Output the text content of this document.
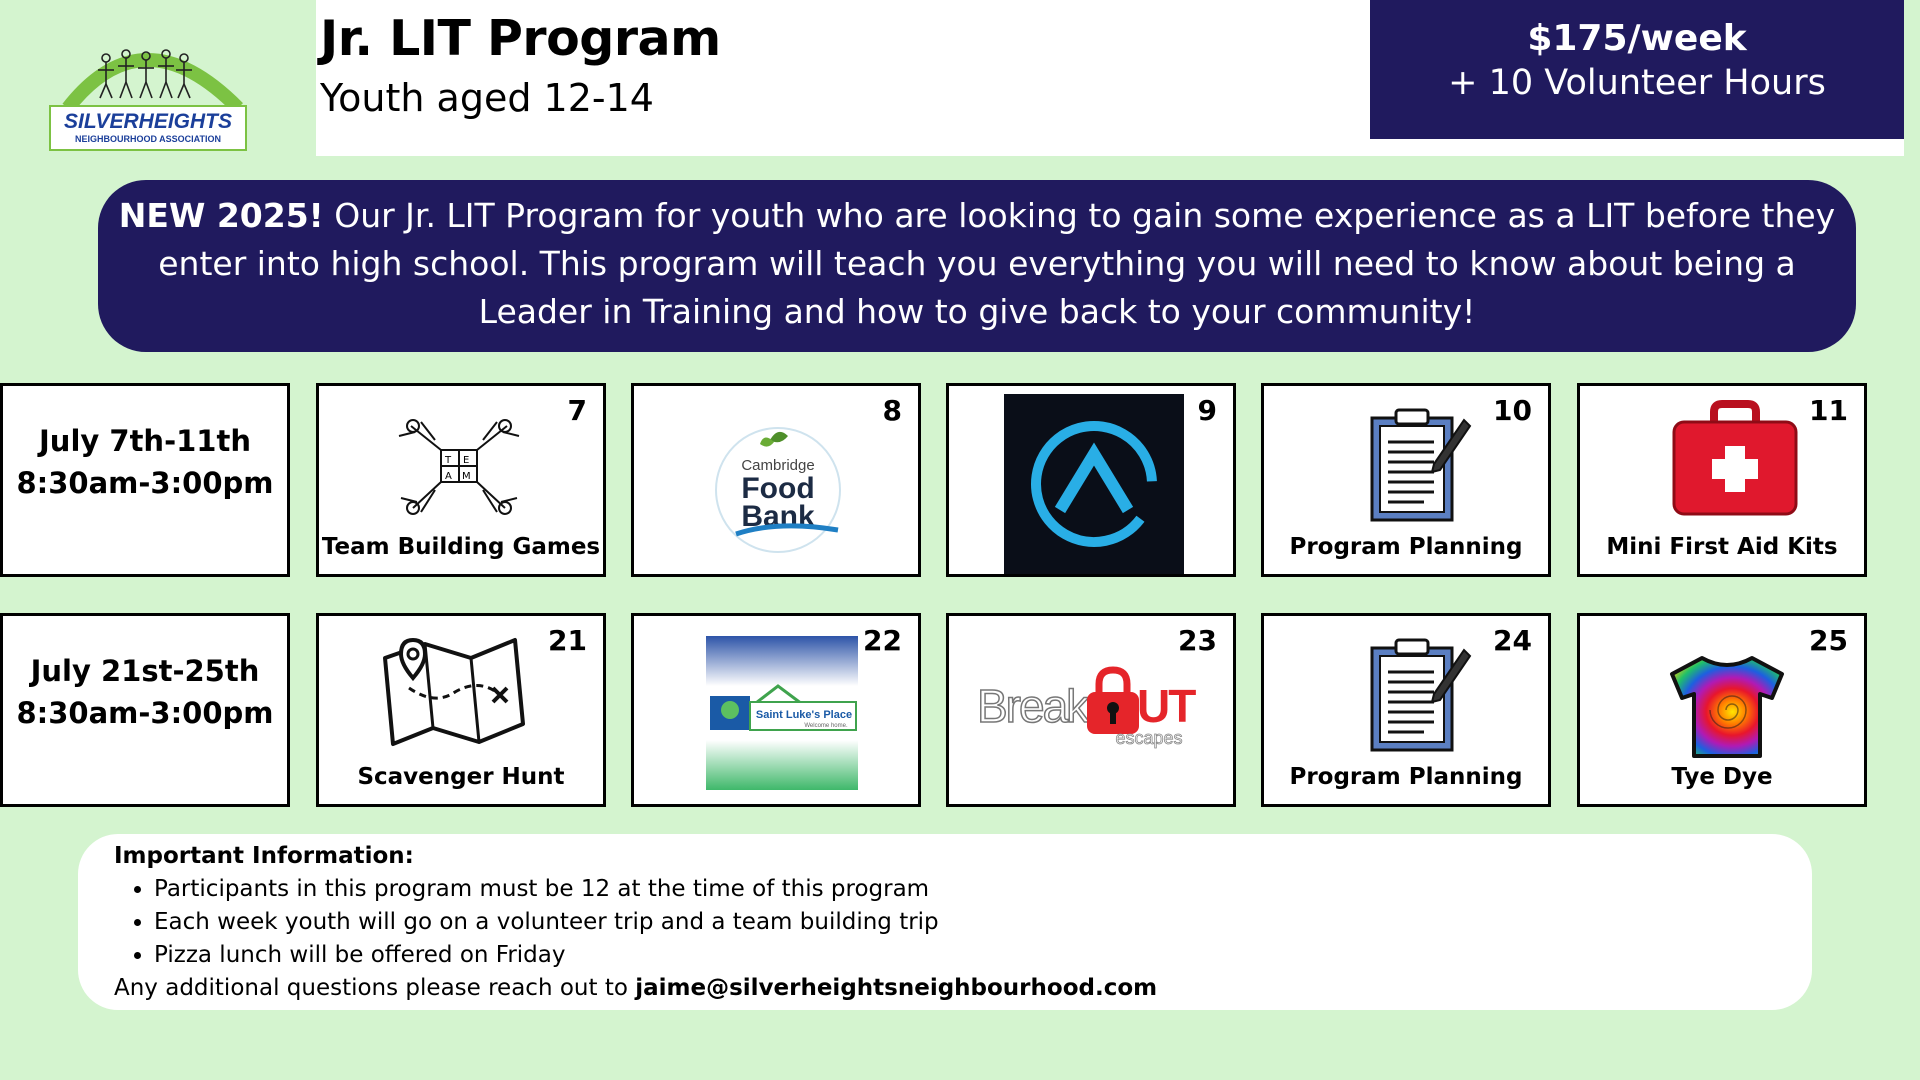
SILVERHEIGHTS
NEIGHBOURHOOD ASSOCIATION
Jr. LIT Program
Youth aged 12-14
$175/week
+ 10 Volunteer Hours
NEW 2025! Our Jr. LIT Program for youth who are looking to gain some experience as a LIT before they enter into high school. This program will teach you everything you will need to know about being a Leader in Training and how to give back to your community!
July 7th-11th
8:30am-3:00pm
7
T E
A M
Team Building Games
8
Cambridge
Food
Bank
9	10
Program Planning
11
Mini First Aid Kits
July 21st-25th
8:30am-3:00pm
21
Scavenger Hunt
22
Saint Luke's Place
Welcome home.
23
Break UT
escapes
24
Program Planning
25
Tye Dye
Important Information:
• Participants in this program must be 12 at the time of this program
• Each week youth will go on a volunteer trip and a team building trip
• Pizza lunch will be offered on Friday
Any additional questions please reach out to jaime@silverheightsneighbourhood.com
